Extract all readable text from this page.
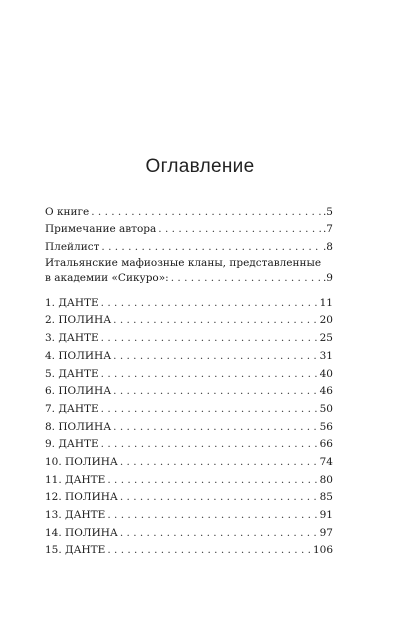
Оглавление
О книге . . .	.5
Примечание автора . . .	.7
Плейлист . . .	.8
Итальянские мафиозные кланы, представленные
в академии «Сикуро»: . . .	.9
1. ДАНТЕ . . .	11
2. ПОЛИНА . . .	20
3. ДАНТЕ . . .	25
4. ПОЛИНА . . .	31
5. ДАНТЕ . . .	40
6. ПОЛИНА . . .	46
7. ДАНТЕ . . .	50
8. ПОЛИНА . . .	56
9. ДАНТЕ . . .	66
10. ПОЛИНА . . .	74
11. ДАНТЕ . . .	80
12. ПОЛИНА . . .	85
13. ДАНТЕ . . .	91
14. ПОЛИНА . . .	97
15. ДАНТЕ . . .	106
